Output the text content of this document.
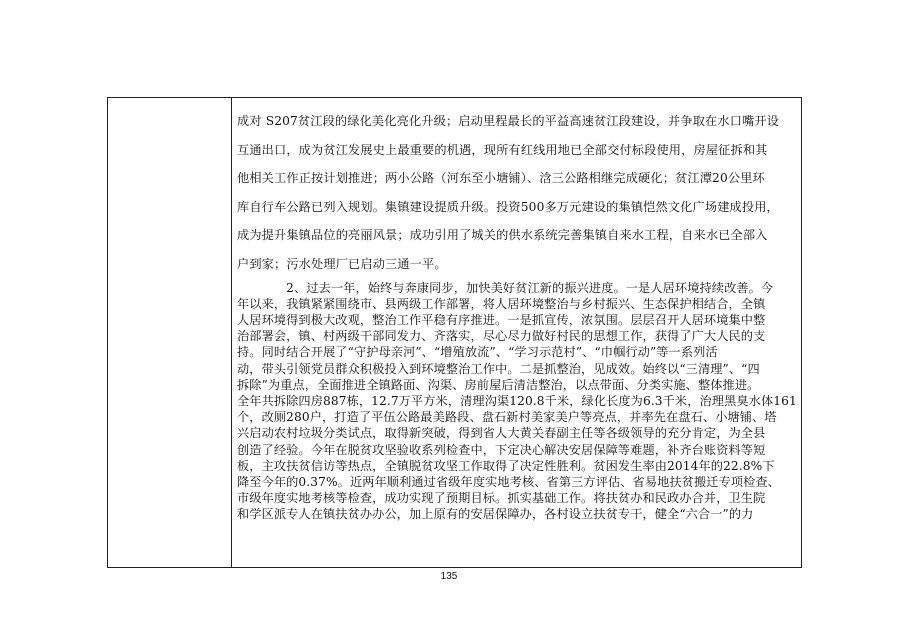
成对 S207贫江段的绿化美化亮化升级；启动里程最长的平益高速贫江段建设，并争取在水口嘴开设

互通出口，成为贫江发展史上最重要的机遇，现所有红线用地已全部交付标段使用，房屋征拆和其

他相关工作正按计划推进；两小公路（河东至小塘铺）、浛三公路相继完成硬化；贫江潭20公里环

库自行车公路已列入规划。集镇建设提质升级。投资500多万元建设的集镇恺然文化广场建成投用，

成为提升集镇品位的亮丽风景；成功引用了城关的供水系统完善集镇自来水工程，自来水已全部入

户到家；污水处理厂已启动三通一平。

　　　　2、过去一年，始终与奔康同步，加快美好贫江新的振兴进度。一是人居环境持续改善。今

年以来，我镇紧紧围绕市、县两级工作部署，将人居环境整治与乡村振兴、生态保护相结合，全镇

人居环境得到极大改观，整治工作平稳有序推进。一是抓宣传，浓氛围。层层召开人居环境集中整

治部署会，镇、村两级干部同发力、齐落实，尽心尽力做好村民的思想工作，获得了广大人民的支

持。同时结合开展了“守护母亲河”、“增殖放流”、“学习示范村”、“巾帼行动”等一系列活

动，带头引领党员群众积极投入到环境整治工作中。二是抓整治，见成效。始终以“三清理”、“四

拆除”为重点，全面推进全镇路面、沟渠、房前屋后清洁整治，以点带面、分类实施、整体推进。

全年共拆除四房887栋，12.7万平方米，清理沟渠120.8千米，绿化长度为6.3千米，治理黑臭水体161

个，改厕280户，打造了平伍公路最美路段、盘石新村美家美户等亮点，并率先在盘石、小塘铺、塔

兴启动农村垃圾分类试点，取得新突破，得到省人大黄关春副主任等各级领导的充分肯定，为全县

创造了经验。今年在脱贫攻坚验收系列检查中，下定决心解决安居保障等难题，补齐台账资料等短

板，主攻扶贫信访等热点，全镇脱贫攻坚工作取得了决定性胜利。贫困发生率由2014年的22.8%下

降至今年的0.37%。近两年顺利通过省级年度实地考核、省第三方评估、省易地扶贫搬迁专项检查、

市级年度实地考核等检查，成功实现了预期目标。抓实基础工作。将扶贫办和民政办合并，卫生院

和学区派专人在镇扶贫办办公，加上原有的安居保障办，各村设立扶贫专干，健全“六合一”的力

135
